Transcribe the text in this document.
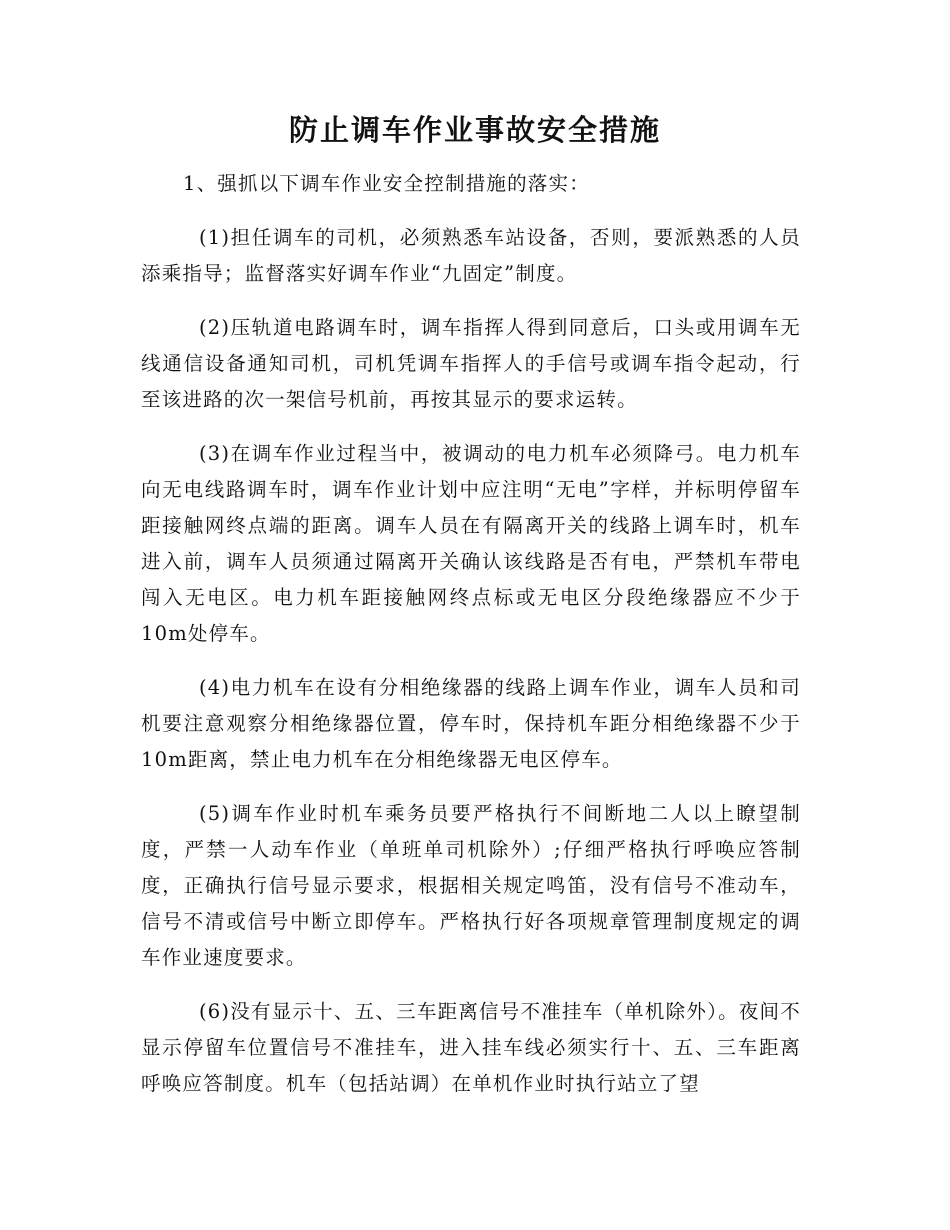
防止调车作业事故安全措施

1、强抓以下调车作业安全控制措施的落实：

(1)担任调车的司机，必须熟悉车站设备，否则，要派熟悉的人员添乘指导；监督落实好调车作业“九固定”制度。

(2)压轨道电路调车时，调车指挥人得到同意后，口头或用调车无线通信设备通知司机，司机凭调车指挥人的手信号或调车指令起动，行至该进路的次一架信号机前，再按其显示的要求运转。

(3)在调车作业过程当中，被调动的电力机车必须降弓。电力机车向无电线路调车时，调车作业计划中应注明“无电”字样，并标明停留车距接触网终点端的距离。调车人员在有隔离开关的线路上调车时，机车进入前，调车人员须通过隔离开关确认该线路是否有电，严禁机车带电闯入无电区。电力机车距接触网终点标或无电区分段绝缘器应不少于10m处停车。

(4)电力机车在设有分相绝缘器的线路上调车作业，调车人员和司机要注意观察分相绝缘器位置，停车时，保持机车距分相绝缘器不少于10m距离，禁止电力机车在分相绝缘器无电区停车。

(5)调车作业时机车乘务员要严格执行不间断地二人以上瞭望制度，严禁一人动车作业（单班单司机除外）;仔细严格执行呼唤应答制度，正确执行信号显示要求，根据相关规定鸣笛，没有信号不准动车，信号不清或信号中断立即停车。严格执行好各项规章管理制度规定的调车作业速度要求。

(6)没有显示十、五、三车距离信号不准挂车（单机除外）。夜间不显示停留车位置信号不准挂车，进入挂车线必须实行十、五、三车距离呼唤应答制度。机车（包括站调）在单机作业时执行站立了望
